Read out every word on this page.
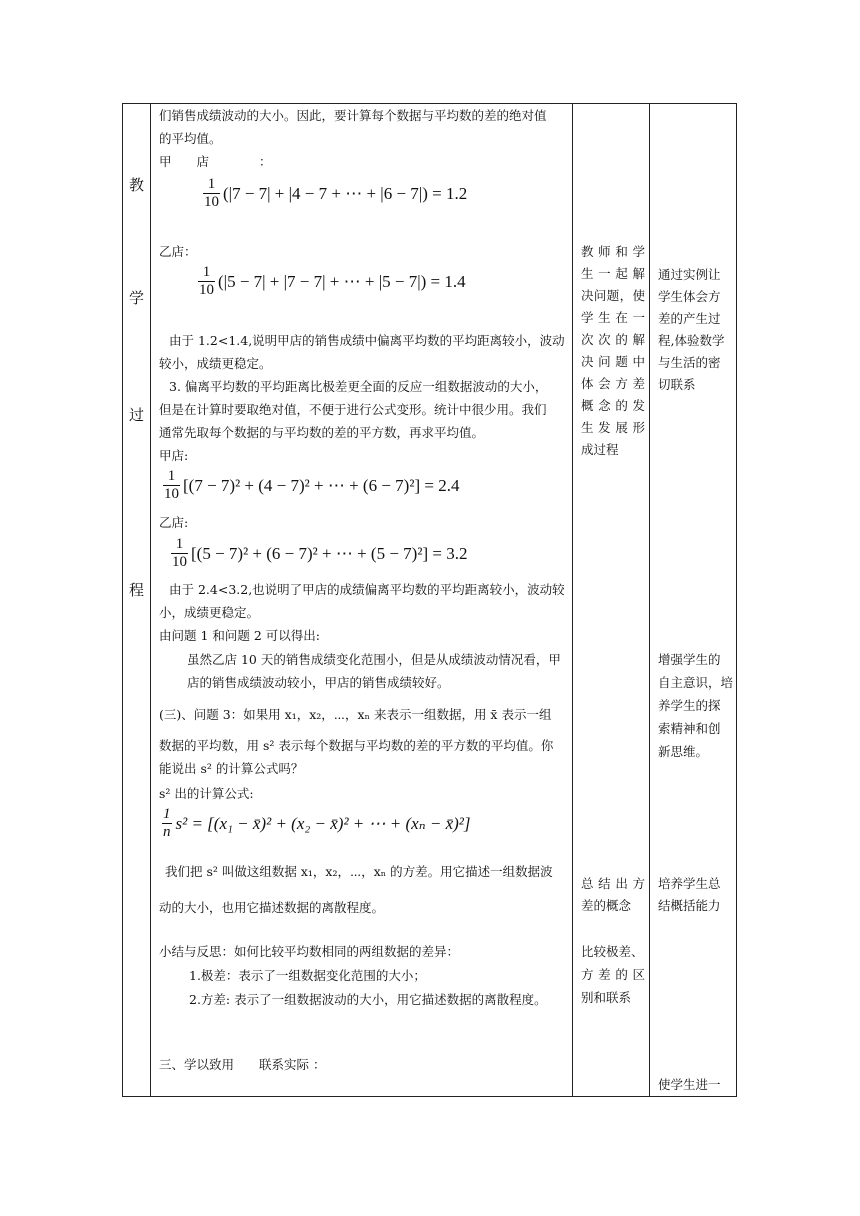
教
学
过
程
们销售成绩波动的大小。因此，要计算每个数据与平均数的差的绝对值
的平均值。
甲　　店　　　　：
$\frac{1}{10} (|7 - 7| + |4 - 7$ + ⋯ + |6 − 7|) = 1.2
乙店：
$\frac{1}{10} (|5 - 7| + |7 - 7|$ + ⋯ + |5 − 7|) = 1.4
由于 1.2<1.4,说明甲店的销售成绩中偏离平均数的平均距离较小，波动
较小，成绩更稳定。
3. 偏离平均数的平均距离比极差更全面的反应一组数据波动的大小，
但是在计算时要取绝对值，不便于进行公式变形。统计中很少用。我们
通常先取每个数据的与平均数的差的平方数，再求平均值。
甲店:
$\frac{1}{10} [(7 - 7)^2 + (4 - 7)^2$ + ⋯ + (6 − 7)²] = 2.4
乙店:
$\frac{1}{10} [(5 - 7)^2 + (6 - 7)^2$ + ⋯ + (5 − 7)²] = 3.2
由于 2.4<3.2,也说明了甲店的成绩偏离平均数的平均距离较小，波动较
小，成绩更稳定。
由问题 1 和问题 2 可以得出:
虽然乙店 10 天的销售成绩变化范围小，但是从成绩波动情况看，甲
店的销售成绩波动较小，甲店的销售成绩较好。
(三)、问题 3：如果用 x₁，x₂，⋯，xₙ 来表示一组数据，用 x̄ 表示一组
数据的平均数，用 s² 表示每个数据与平均数的差的平方数的平均值。你
能说出 s² 的计算公式吗？
s² 出的计算公式:
$\frac{1}{n} s^2 = [(x_1$ − x̄)² + (x₂ − x̄)² + ⋯ + (xₙ − x̄)²]
我们把 s² 叫做这组数据 x₁，x₂，⋯，xₙ 的方差。用它描述一组数据波
动的大小，也用它描述数据的离散程度。
小结与反思：如何比较平均数相同的两组数据的差异：
1.极差：表示了一组数据变化范围的大小；
2.方差: 表示了一组数据波动的大小，用它描述数据的离散程度。
三、学以致用　　联系实际 ：
教 师 和 学
生 一 起 解
决问题，使
学 生 在 一
次 次 的 解
决 问 题 中
体 会 方 差
概 念 的 发
生 发 展 形
成过程
总 结 出 方
差的概念
比较极差、
方 差 的 区
别和联系
通过实例让
学生体会方
差的产生过
程,体验数学
与生活的密
切联系
增强学生的
自主意识，培
养学生的探
索精神和创
新思维。
培养学生总
结概括能力
使学生进一
